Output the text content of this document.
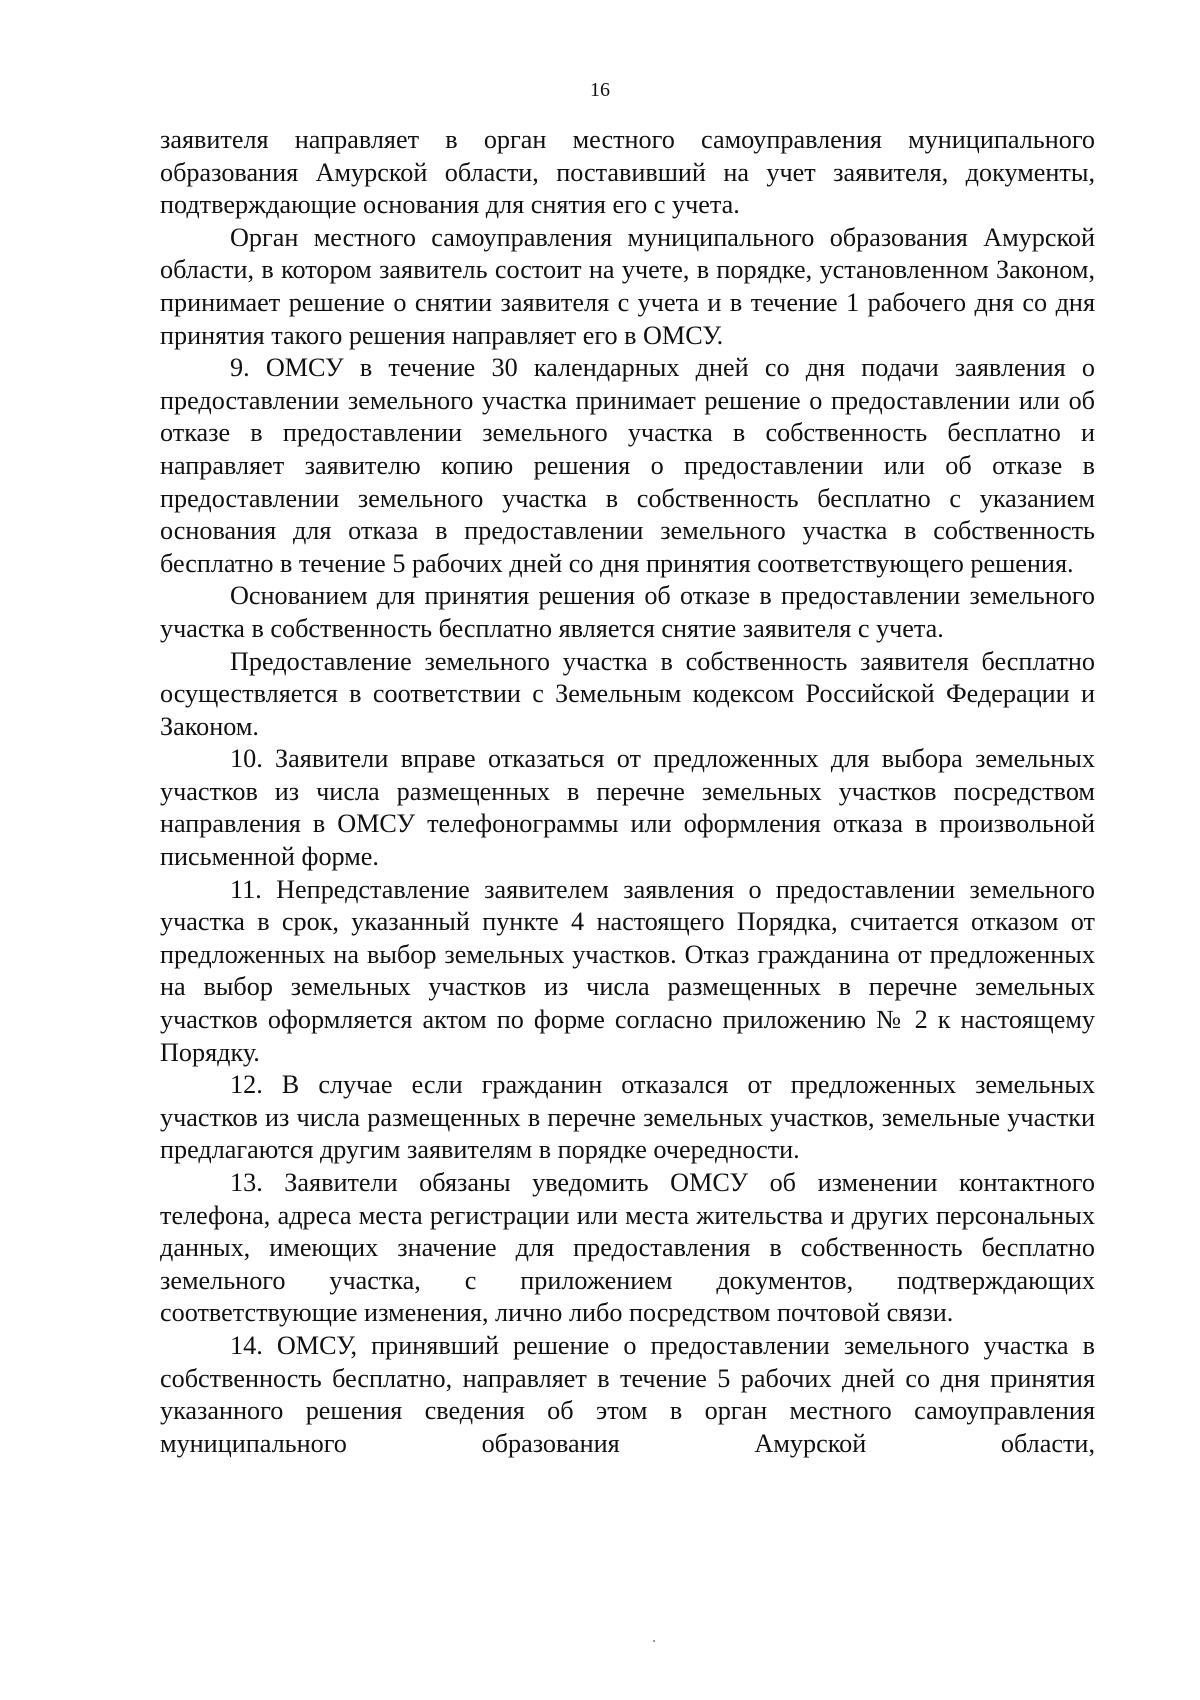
16

заявителя направляет в орган местного самоуправления муниципального образования Амурской области, поставивший на учет заявителя, документы, подтверждающие основания для снятия его с учета.

Орган местного самоуправления муниципального образования Амурской области, в котором заявитель состоит на учете, в порядке, установленном Законом, принимает решение о снятии заявителя с учета и в течение 1 рабочего дня со дня принятия такого решения направляет его в ОМСУ.

9. ОМСУ в течение 30 календарных дней со дня подачи заявления о предоставлении земельного участка принимает решение о предоставлении или об отказе в предоставлении земельного участка в собственность бесплатно и направляет заявителю копию решения о предоставлении или об отказе в предоставлении земельного участка в собственность бесплатно с указанием основания для отказа в предоставлении земельного участка в собственность бесплатно в течение 5 рабочих дней со дня принятия соответствующего решения.

Основанием для принятия решения об отказе в предоставлении земельного участка в собственность бесплатно является снятие заявителя с учета.

Предоставление земельного участка в собственность заявителя бесплатно осуществляется в соответствии с Земельным кодексом Российской Федерации и Законом.

10. Заявители вправе отказаться от предложенных для выбора земельных участков из числа размещенных в перечне земельных участков посредством направления в ОМСУ телефонограммы или оформления отказа в произвольной письменной форме.

11. Непредставление заявителем заявления о предоставлении земельного участка в срок, указанный пункте 4 настоящего Порядка, считается отказом от предложенных на выбор земельных участков. Отказ гражданина от предложенных на выбор земельных участков из числа размещенных в перечне земельных участков оформляется актом по форме согласно приложению № 2 к настоящему Порядку.

12. В случае если гражданин отказался от предложенных земельных участков из числа размещенных в перечне земельных участков, земельные участки предлагаются другим заявителям в порядке очередности.

13. Заявители обязаны уведомить ОМСУ об изменении контактного телефона, адреса места регистрации или места жительства и других персональных данных, имеющих значение для предоставления в собственность бесплатно земельного участка, с приложением документов, подтверждающих соответствующие изменения, лично либо посредством почтовой связи.

14. ОМСУ, принявший решение о предоставлении земельного участка в собственность бесплатно, направляет в течение 5 рабочих дней со дня принятия указанного решения сведения об этом в орган местного самоуправления муниципального образования Амурской области,
